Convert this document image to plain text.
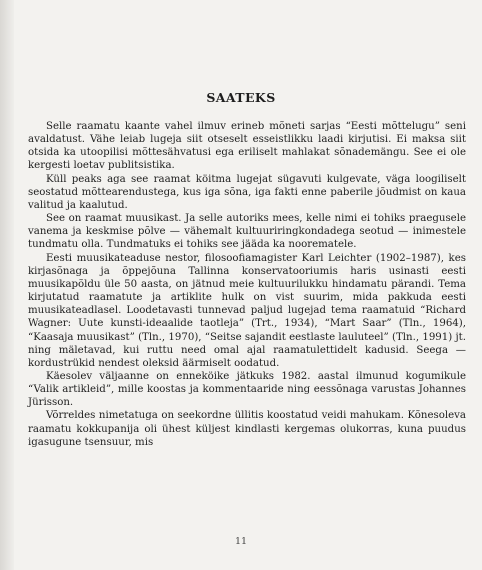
SAATEKS

Selle raamatu kaante vahel ilmuv erineb mõneti sarjas “Eesti mõttelugu” seni avaldatust. Vähe leiab lugeja siit otseselt esseistlikku laadi kirjutisi. Ei maksa siit otsida ka utoopilisi mõttesähvatusi ega eriliselt mahlakat sõnademängu. See ei ole kergesti loetav publitsistika.

Küll peaks aga see raamat köitma lugejat sügavuti kulgevate, väga loogiliselt seostatud mõttearendustega, kus iga sõna, iga fakti enne paberile jõudmist on kaua valitud ja kaalutud.

See on raamat muusikast. Ja selle autoriks mees, kelle nimi ei tohiks praegusele vanema ja keskmise põlve — vähemalt kultuuriringkondadega seotud — inimestele tundmatu olla. Tundmatuks ei tohiks see jääda ka noorematele.

Eesti muusikateaduse nestor, filosoofiamagister Karl Leichter (1902–1987), kes kirjasõnaga ja õppejõuna Tallinna konservatooriumis haris usinasti eesti muusikapõldu üle 50 aasta, on jätnud meie kultuurilukku hindamatu pärandi. Tema kirjutatud raamatute ja artiklite hulk on vist suurim, mida pakkuda eesti muusikateadlasel. Loodetavasti tunnevad paljud lugejad tema raamatuid “Richard Wagner: Uute kunsti-ideaalide taotleja” (Trt., 1934), “Mart Saar” (Tln., 1964), “Kaasaja muusikast” (Tln., 1970), “Seitse sajandit eestlaste lauluteel” (Tln., 1991) jt. ning mäletavad, kui ruttu need omal ajal raamatulettidelt kadusid. Seega — kordustrükid nendest oleksid äärmiselt oodatud.

Käesolev väljaanne on enneköike jätkuks 1982. aastal ilmunud kogumikule “Valik artikleid”, mille koostas ja kommentaaride ning eessõnaga varustas Johannes Jürisson.

Võrreldes nimetatuga on seekordne üllitis koostatud veidi mahukam. Kõnesoleva raamatu kokkupanija oli ühest küljest kindlasti kergemas olukorras, kuna puudus igasugune tsensuur, mis

11
